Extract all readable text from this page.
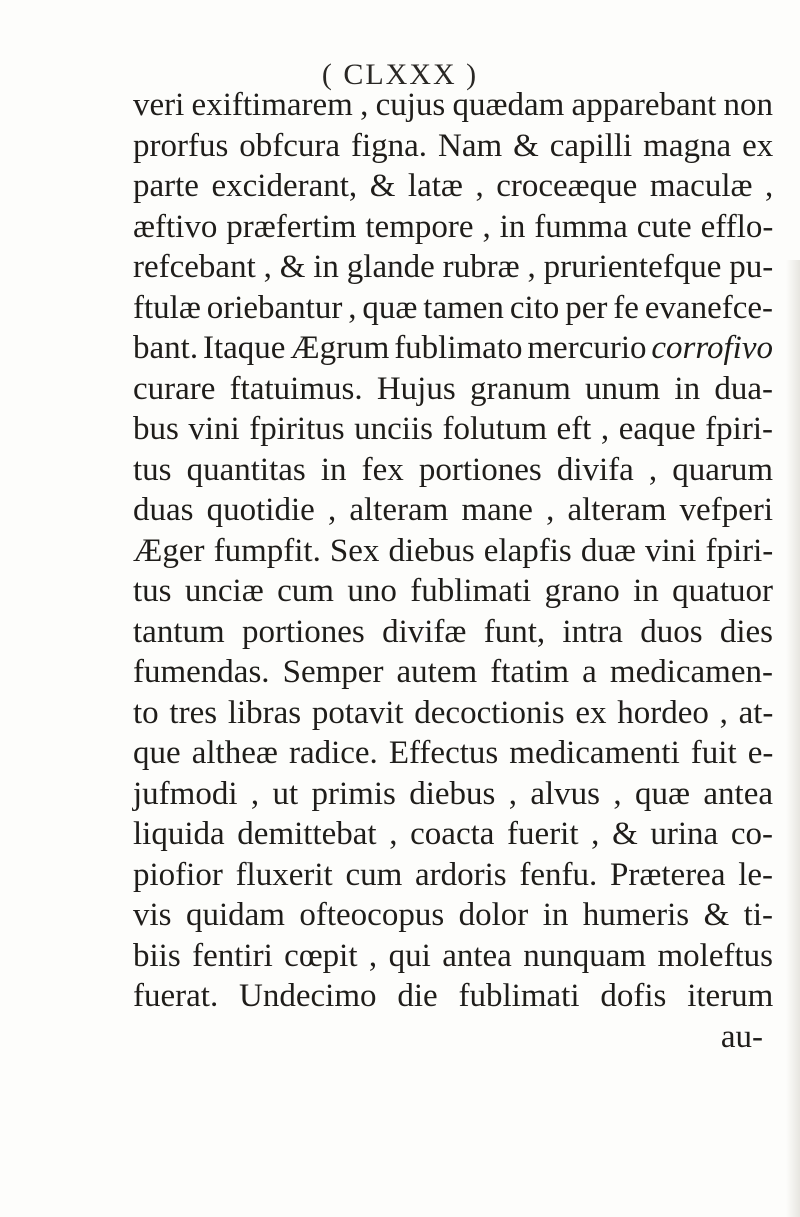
( CLXXX )
veri exiftimarem , cujus quædam apparebant non
prorfus obfcura figna. Nam & capilli magna ex
parte exciderant, & latæ , croceæque maculæ ,
æftivo præfertim tempore , in fumma cute efflo-
refcebant , & in glande rubræ , prurientefque pu-
ftulæ oriebantur , quæ tamen cito per fe evanefce-
bant. Itaque Ægrum fublimato mercurio corrofivo
curare ftatuimus. Hujus granum unum in dua-
bus vini fpiritus unciis folutum eft , eaque fpiri-
tus quantitas in fex portiones divifa , quarum
duas quotidie , alteram mane , alteram vefperi
Æger fumpfit. Sex diebus elapfis duæ vini fpiri-
tus unciæ cum uno fublimati grano in quatuor
tantum portiones divifæ funt, intra duos dies
fumendas. Semper autem ftatim a medicamen-
to tres libras potavit decoctionis ex hordeo , at-
que altheæ radice. Effectus medicamenti fuit e-
jufmodi , ut primis diebus , alvus , quæ antea
liquida demittebat , coacta fuerit , & urina co-
piofior fluxerit cum ardoris fenfu. Præterea le-
vis quidam ofteocopus dolor in humeris & ti-
biis fentiri cœpit , qui antea nunquam moleftus
fuerat. Undecimo die fublimati dofis iterum
au-
